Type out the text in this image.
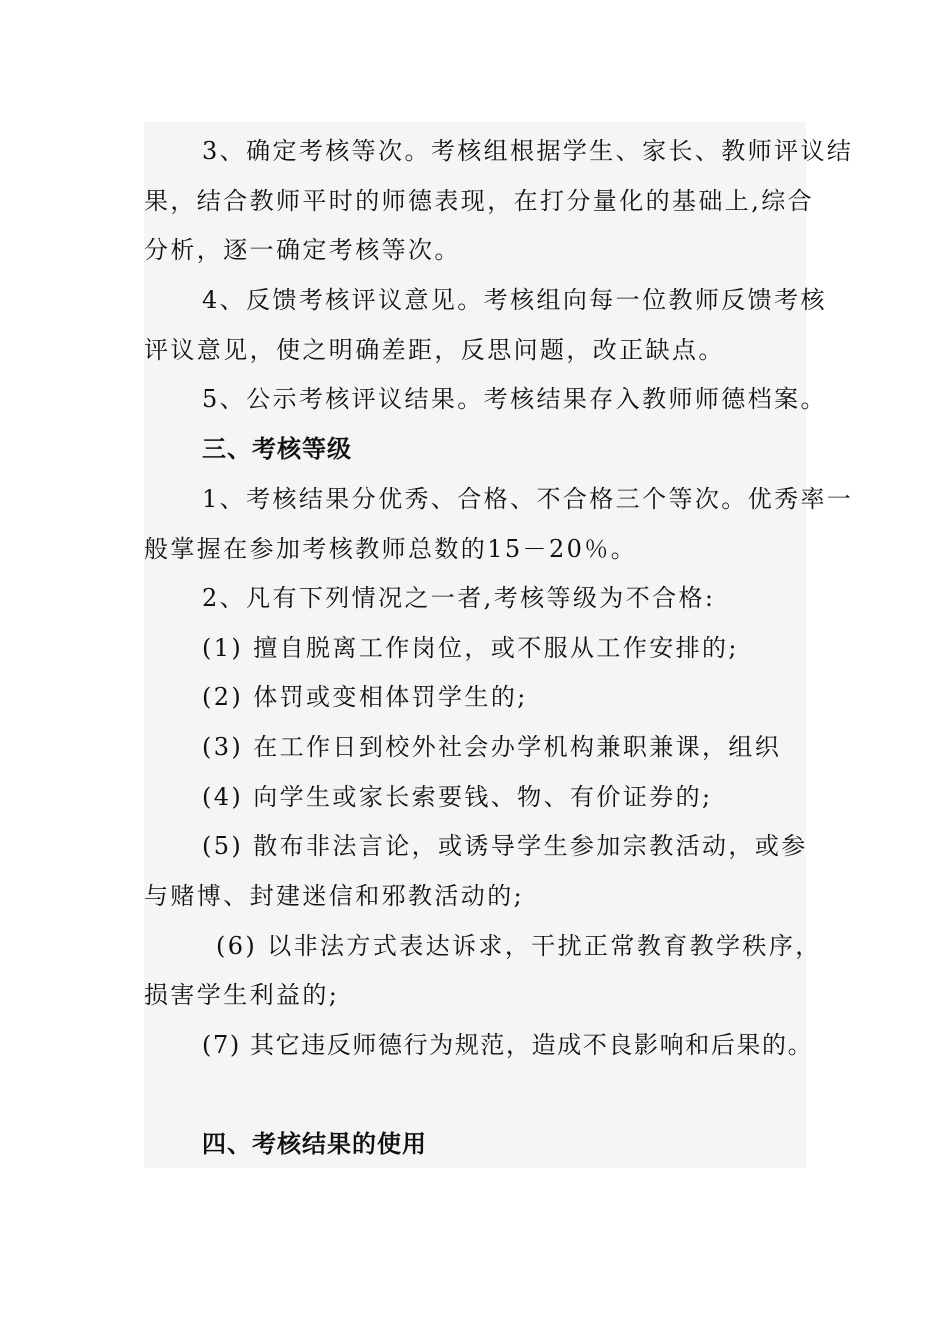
3、确定考核等次。考核组根据学生、家长、教师评议结
果，结合教师平时的师德表现，在打分量化的基础上,综合
分析，逐一确定考核等次。
4、反馈考核评议意见。考核组向每一位教师反馈考核
评议意见，使之明确差距，反思问题，改正缺点。
5、公示考核评议结果。考核结果存入教师师德档案。
三、考核等级
1、考核结果分优秀、合格、不合格三个等次。优秀率一
般掌握在参加考核教师总数的15－20％。
2、凡有下列情况之一者,考核等级为不合格:
(1) 擅自脱离工作岗位，或不服从工作安排的;
(2) 体罚或变相体罚学生的;
(3) 在工作日到校外社会办学机构兼职兼课，组织
(4) 向学生或家长索要钱、物、有价证券的;
(5) 散布非法言论，或诱导学生参加宗教活动，或参
与赌博、封建迷信和邪教活动的;
(6) 以非法方式表达诉求，干扰正常教育教学秩序，
损害学生利益的;
(7) 其它违反师德行为规范，造成不良影响和后果的。
四、考核结果的使用
